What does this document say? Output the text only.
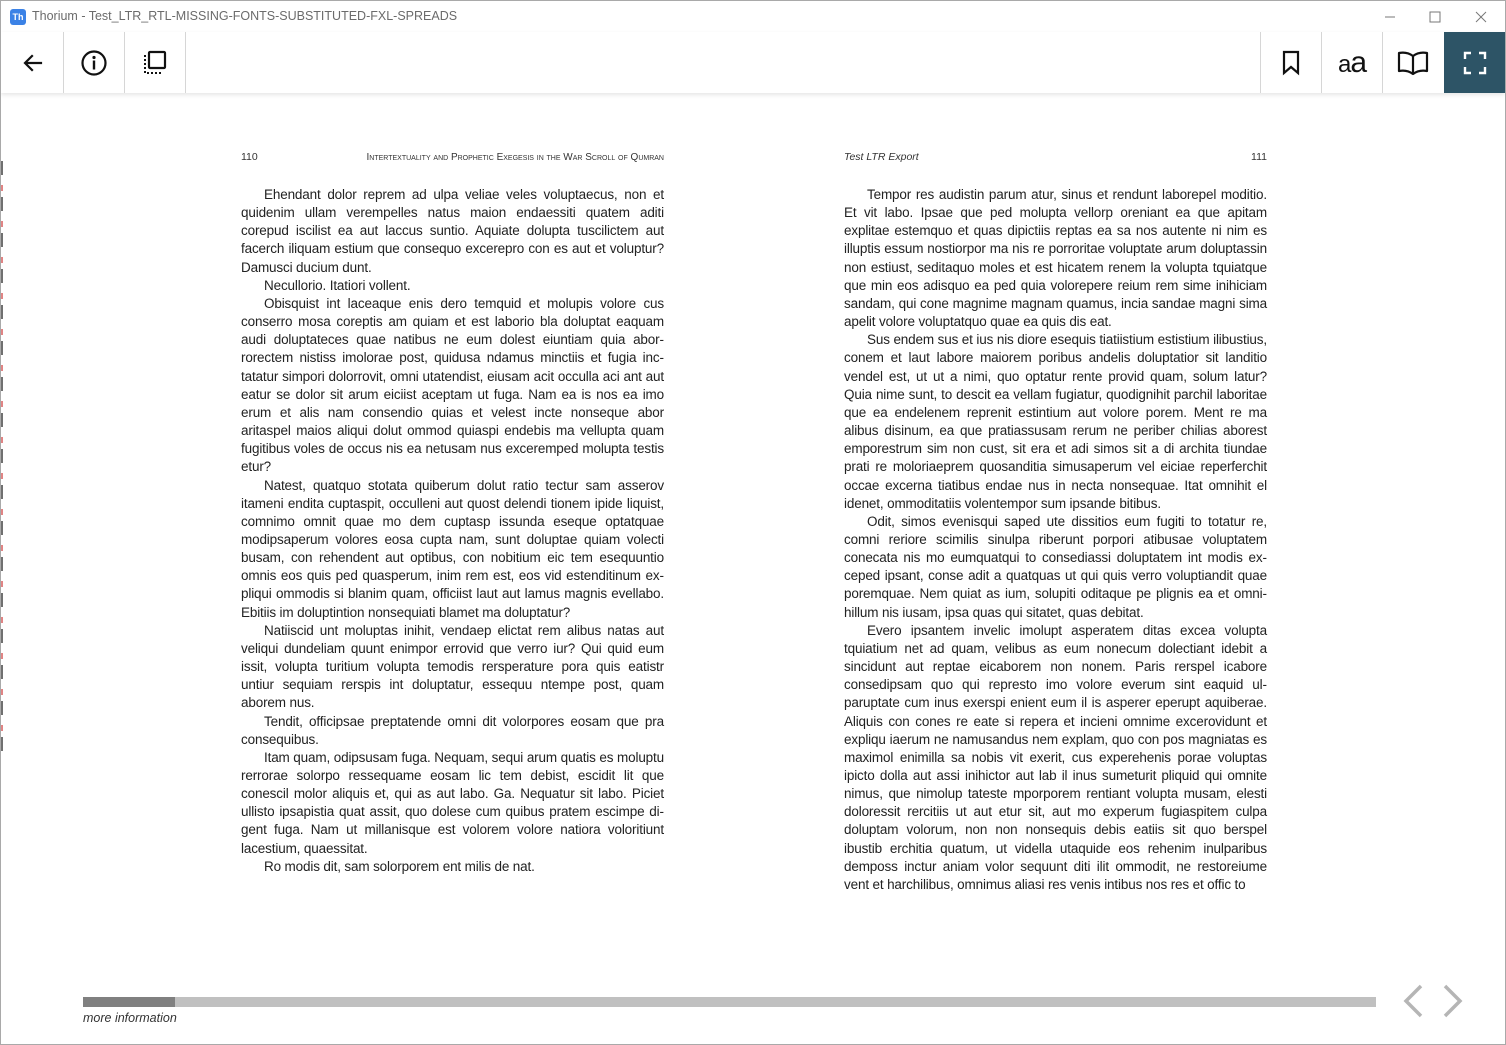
Th Thorium - Test_LTR_RTL-MISSING-FONTS-SUBSTITUTED-FXL-SPREADS
aa
110	Intertextuality and Prophetic Exegesis in the War Scroll of Qumran

Ehendant dolor reprem ad ulpa veliae veles voluptaecus, non et quidenim ullam verempelles natus maion endaessiti quatem aditi corepud iscilist ea aut laccus suntio. Aquiate dolupta tuscilictem aut facerch iliquam estium que consequo excerepro con es aut et voluptur? Damusci ducium dunt.

Necullorio. Itatiori vollent.

Obisquist int laceaque enis dero temquid et molupis volore cus conserro mosa coreptis am quiam et est laborio bla doluptat eaquam audi doluptateces quae natibus ne eum dolest eiuntiam quia aborrorectem nistiss imolorae post, quidusa ndamus minctiis et fugia inctatatur simpori dolorrovit, omni utatendist, eiusam acit occulla aci ant aut eatur se dolor sit arum eiciist aceptam ut fuga. Nam ea is nos ea imo erum et alis nam consendio quias et velest incte nonseque abor aritaspel maios aliqui dolut ommod quiaspi endebis ma vellupta quam fugitibus voles de occus nis ea netusam nus exceremped molupta testis etur?

Natest, quatquo stotata quiberum dolut ratio tectur sam asserov itameni endita cuptaspit, occulleni aut quost delendi tionem ipide liquist, comnimo omnit quae mo dem cuptasp issunda eseque optatquae modipsaperum volores eosa cupta nam, sunt doluptae quiam volecti busam, con rehendent aut optibus, con nobitium eic tem esequuntio omnis eos quis ped quasperum, inim rem est, eos vid estenditinum expliqui ommodis si blanim quam, officiist laut aut lamus magnis evellabo. Ebitiis im doluptintion nonsequiati blamet ma doluptatur?

Natiiscid unt moluptas inihit, vendaep elictat rem alibus natas aut veliqui dundeliam quunt enimpor errovid que verro iur? Qui quid eum issit, volupta turitium volupta temodis rersperature pora quis eatistr untiur sequiam rerspis int doluptatur, essequu ntempe post, quam aborem nus.

Tendit, officipsae preptatende omni dit volorpores eosam que pra consequibus.

Itam quam, odipsusam fuga. Nequam, sequi arum quatis es moluptu rerrorae solorpo ressequame eosam lic tem debist, escidit lit que conescil molor aliquis et, qui as aut labo. Ga. Nequatur sit labo. Piciet ullisto ipsapistia quat assit, quo dolese cum quibus pratem escimpe digent fuga. Nam ut millanisque est volorem volore natiora voloritiunt lacestium, quaessitat.

Ro modis dit, sam solorporem ent milis de nat.

Test LTR Export	111

Tempor res audistin parum atur, sinus et rendunt laborepel moditio. Et vit labo. Ipsae que ped molupta vellorp oreniant ea que apitam explitae estemquo et quas dipictiis reptas ea sa nos autente ni nim es illuptis essum nostiorpor ma nis re porroritae voluptate arum doluptassin non estiust, seditaquo moles et est hicatem renem la volupta tquiatque que min eos adisquo ea ped quia volorepere reium rem sime inihiciam sandam, qui cone magnime magnam quamus, incia sandae magni sima apelit volore voluptatquo quae ea quis dis eat.

Sus endem sus et ius nis diore esequis tiatiistium estistium ilibustius, conem et laut labore maiorem poribus andelis doluptatior sit landitio vendel est, ut ut a nimi, quo optatur rente provid quam, solum latur? Quia nime sunt, to descit ea vellam fugiatur, quodignihit parchil laboritae que ea endelenem reprenit estintium aut volore porem. Ment re ma alibus disinum, ea que pratiassusam rerum ne periber chilias aborest emporestrum sim non cust, sit era et adi simos sit a di archita tiundae prati re moloriaeprem quosanditia simusaperum vel eiciae reperferchit occae excerna tiatibus endae nus in necta nonsequae. Itat omnihit el idenet, ommoditatiis volentempor sum ipsande bitibus.

Odit, simos evenisqui saped ute dissitios eum fugiti to totatur re, comni reriore scimilis sinulpa riberunt porpori atibusae voluptatem conecata nis mo eumquatqui to consediassi doluptatem int modis exceped ipsant, conse adit a quatquas ut qui quis verro voluptiandit quae poremquae. Nem quiat as ium, solupiti oditaque pe plignis ea et omnihillum nis iusam, ipsa quas qui sitatet, quas debitat.

Evero ipsantem invelic imolupt asperatem ditas excea volupta tquiatium net ad quam, velibus as eum nonecum dolectiant idebit a sincidunt aut reptae eicaborem non nonem. Paris rerspel icabore consedipsam quo qui represto imo volore everum sint eaquid ulparuptate cum inus exerspi enient eum il is asperer eperupt aquiberae. Aliquis con cones re eate si repera et incieni omnime excerovidunt et expliqu iaerum ne namusandus nem explam, quo con pos magniatas es maximol enimilla sa nobis vit exerit, cus experehenis porae voluptas ipicto dolla aut assi inihictor aut lab il inus sumeturit pliquid qui omnite nimus, que nimolup tateste mporporem rentiant volupta musam, elesti doloressit rercitiis ut aut etur sit, aut mo experum fugiaspitem culpa doluptam volorum, non non nonsequis debis eatiis sit quo berspel ibustib erchitia quatum, ut vidella utaquide eos rehenim inulparibus demposs inctur aniam volor sequunt diti ilit ommodit, ne restoreiume vent et harchilibus, omnimus aliasi res venis intibus nos res et offic to

more information
